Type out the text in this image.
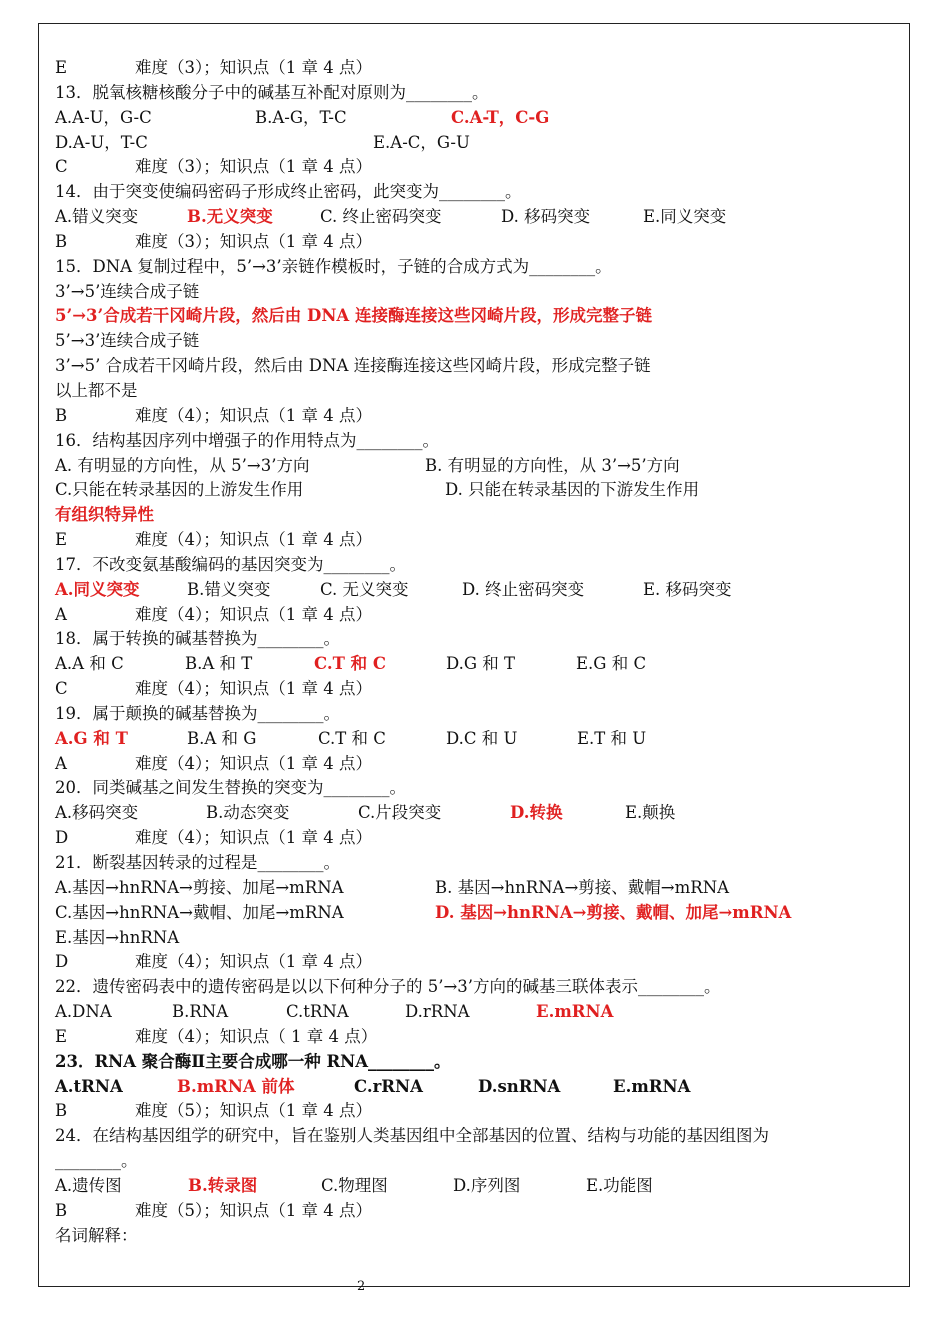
E	难度（3）；知识点（1 章 4 点）
13．脱氧核糖核酸分子中的碱基互补配对原则为________。
A.A-U，G-C	B.A-G，T-C	C.A-T，C-G
D.A-U，T-C	E.A-C，G-U
C	难度（3）；知识点（1 章 4 点）
14．由于突变使编码密码子形成终止密码，此突变为________。
A.错义突变	B.无义突变	C. 终止密码突变	D. 移码突变	E.同义突变
B	难度（3）；知识点（1 章 4 点）
15．DNA 复制过程中，5’→3’亲链作模板时，子链的合成方式为________。
3’→5’连续合成子链
5’→3’合成若干冈崎片段，然后由 DNA 连接酶连接这些冈崎片段，形成完整子链
5’→3’连续合成子链
3’→5’ 合成若干冈崎片段，然后由 DNA 连接酶连接这些冈崎片段，形成完整子链
以上都不是
B	难度（4）；知识点（1 章 4 点）
16．结构基因序列中增强子的作用特点为________。
A. 有明显的方向性，从 5’→3’方向	B. 有明显的方向性，从 3’→5’方向
C.只能在转录基因的上游发生作用	D. 只能在转录基因的下游发生作用
有组织特异性
E	难度（4）；知识点（1 章 4 点）
17．不改变氨基酸编码的基因突变为________。
A.同义突变	B.错义突变	C. 无义突变	D. 终止密码突变	E. 移码突变
A	难度（4）；知识点（1 章 4 点）
18．属于转换的碱基替换为________。
A.A 和 C	B.A 和 T	C.T 和 C	D.G 和 T	E.G 和 C
C	难度（4）；知识点（1 章 4 点）
19．属于颠换的碱基替换为________。
A.G 和 T	B.A 和 G	C.T 和 C	D.C 和 U	E.T 和 U
A	难度（4）；知识点（1 章 4 点）
20．同类碱基之间发生替换的突变为________。
A.移码突变	B.动态突变	C.片段突变	D.转换	E.颠换
D	难度（4）；知识点（1 章 4 点）
21．断裂基因转录的过程是________。
A.基因→hnRNA→剪接、加尾→mRNA	B. 基因→hnRNA→剪接、戴帽→mRNA
C.基因→hnRNA→戴帽、加尾→mRNA	D. 基因→hnRNA→剪接、戴帽、加尾→mRNA
E.基因→hnRNA
D	难度（4）；知识点（1 章 4 点）
22．遗传密码表中的遗传密码是以以下何种分子的 5’→3’方向的碱基三联体表示________。
A.DNA	B.RNA	C.tRNA	D.rRNA	E.mRNA
E	难度（4）；知识点（ 1 章 4 点）
23．RNA 聚合酶Ⅱ主要合成哪一种 RNA________。
A.tRNA	B.mRNA 前体	C.rRNA	D.snRNA	E.mRNA
B	难度（5）；知识点（1 章 4 点）
24．在结构基因组学的研究中，旨在鉴别人类基因组中全部基因的位置、结构与功能的基因组图为
________。
A.遗传图	B.转录图	C.物理图	D.序列图	E.功能图
B	难度（5）；知识点（1 章 4 点）
名词解释：
2
